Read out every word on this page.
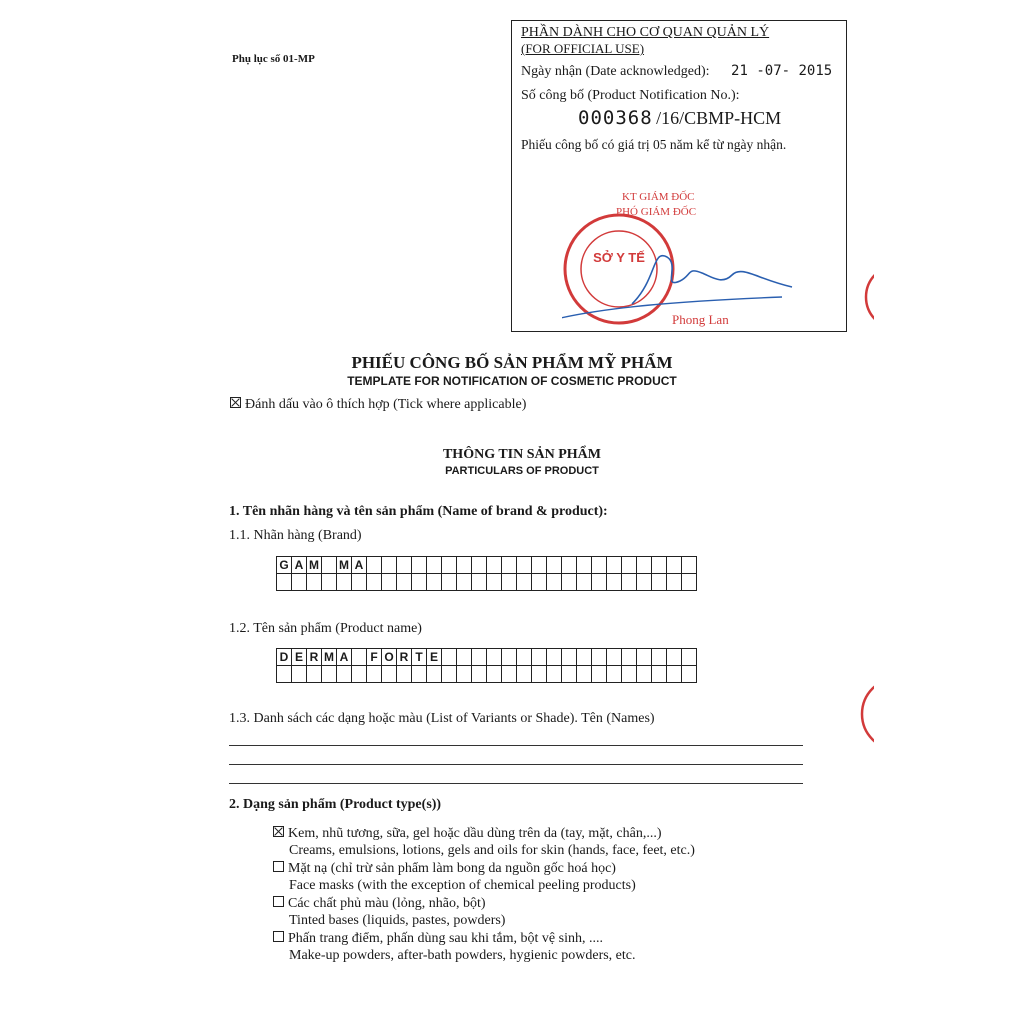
Phụ lục số 01-MP
PHẦN DÀNH CHO CƠ QUAN QUẢN LÝ
(FOR OFFICIAL USE)
Ngày nhận (Date acknowledged): 21 -07- 2015
Số công bố (Product Notification No.):
000368 /16/CBMP-HCM
Phiếu công bố có giá trị 05 năm kể từ ngày nhận.
KT GIÁM ĐỐC
PHÓ GIÁM ĐỐC
SỞ Y TẾ
Phong Lan
PHIẾU CÔNG BỐ SẢN PHẨM MỸ PHẨM
TEMPLATE FOR NOTIFICATION OF COSMETIC PRODUCT
Đánh dấu vào ô thích hợp (Tick where applicable)
THÔNG TIN SẢN PHẨM
PARTICULARS OF PRODUCT
1. Tên nhãn hàng và tên sản phẩm (Name of brand & product):
1.1. Nhãn hàng (Brand)
G	A	M		M	A																						

1.2. Tên sản phẩm (Product name)
D	E	R	M	A		F	O	R	T	E																	

1.3. Danh sách các dạng hoặc màu (List of Variants or Shade). Tên (Names)
2. Dạng sản phẩm (Product type(s))
Kem, nhũ tương, sữa, gel hoặc dầu dùng trên da (tay, mặt, chân,...)
Creams, emulsions, lotions, gels and oils for skin (hands, face, feet, etc.)
Mặt nạ (chỉ trừ sản phẩm làm bong da nguồn gốc hoá học)
Face masks (with the exception of chemical peeling products)
Các chất phủ màu (lỏng, nhão, bột)
Tinted bases (liquids, pastes, powders)
Phấn trang điểm, phấn dùng sau khi tắm, bột vệ sinh, ....
Make-up powders, after-bath powders, hygienic powders, etc.
